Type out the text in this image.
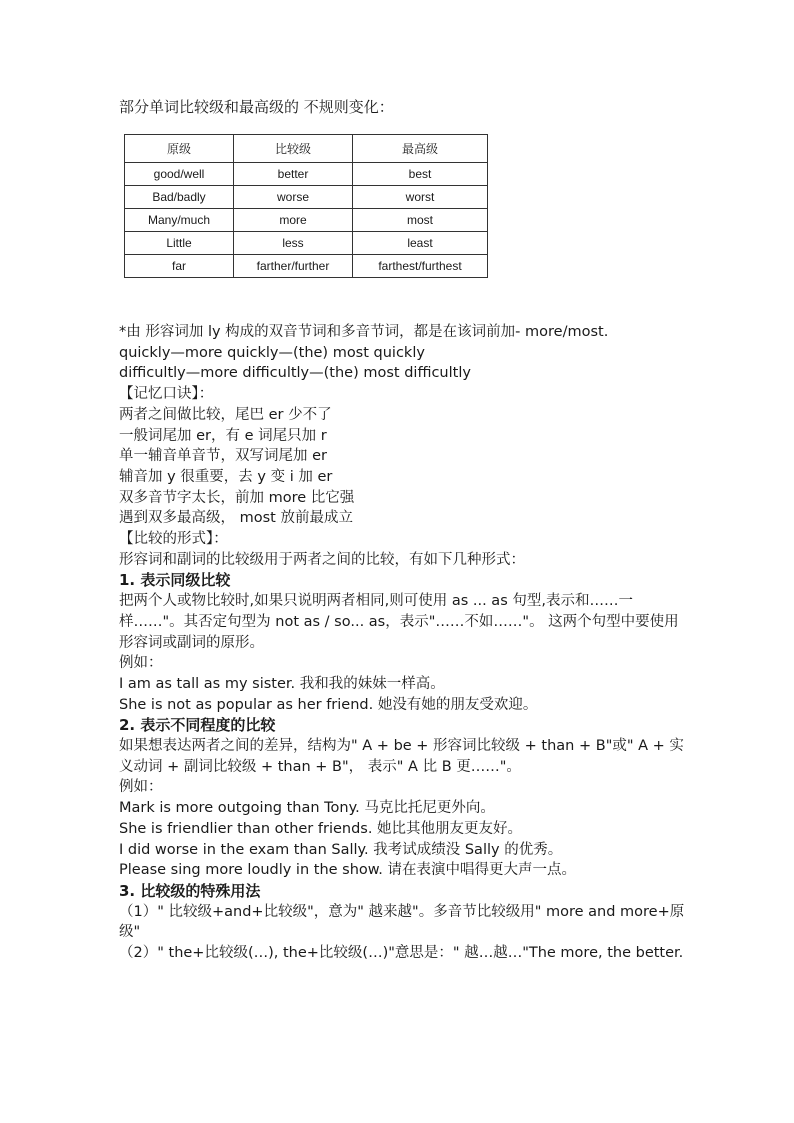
部分单词比较级和最高级的 不规则变化：
原级	比较级	最高级
good/well	better	best
Bad/badly	worse	worst
Many/much	more	most
Little	less	least
far	farther/further	farthest/furthest

*由 形容词加 ly 构成的双音节词和多音节词，都是在该词前加- more/most.

quickly—more quickly—(the) most quickly

difficultly—more difficultly—(the) most difficultly

【记忆口诀】：

两者之间做比较，尾巴 er 少不了

一般词尾加 er，有 e 词尾只加 r

单一辅音单音节，双写词尾加 er

辅音加 y 很重要，去 y 变 i 加 er

双多音节字太长，前加 more 比它强

遇到双多最高级， most 放前最成立

【比较的形式】：

形容词和副词的比较级用于两者之间的比较，有如下几种形式：

1. 表示同级比较

把两个人或物比较时,如果只说明两者相同,则可使用 as ... as 句型,表示和……一样……"。其否定句型为 not as / so... as，表示"……不如……"。 这两个句型中要使用形容词或副词的原形。

例如：

I am as tall as my sister. 我和我的妹妹一样高。

She is not as popular as her friend. 她没有她的朋友受欢迎。

2. 表示不同程度的比较

如果想表达两者之间的差异，结构为" A + be + 形容词比较级 + than + B"或" A + 实义动词 + 副词比较级 + than + B"， 表示" A 比 B 更……"。

例如：

Mark is more outgoing than Tony. 马克比托尼更外向。

She is friendlier than other friends. 她比其他朋友更友好。

I did worse in the exam than Sally. 我考试成绩没 Sally 的优秀。

Please sing more loudly in the show. 请在表演中唱得更大声一点。

3. 比较级的特殊用法

（1）" 比较级+and+比较级"，意为" 越来越"。多音节比较级用" more and more+原级"

（2）" the+比较级(…), the+比较级(…)"意思是：" 越…越…"The more, the better.
